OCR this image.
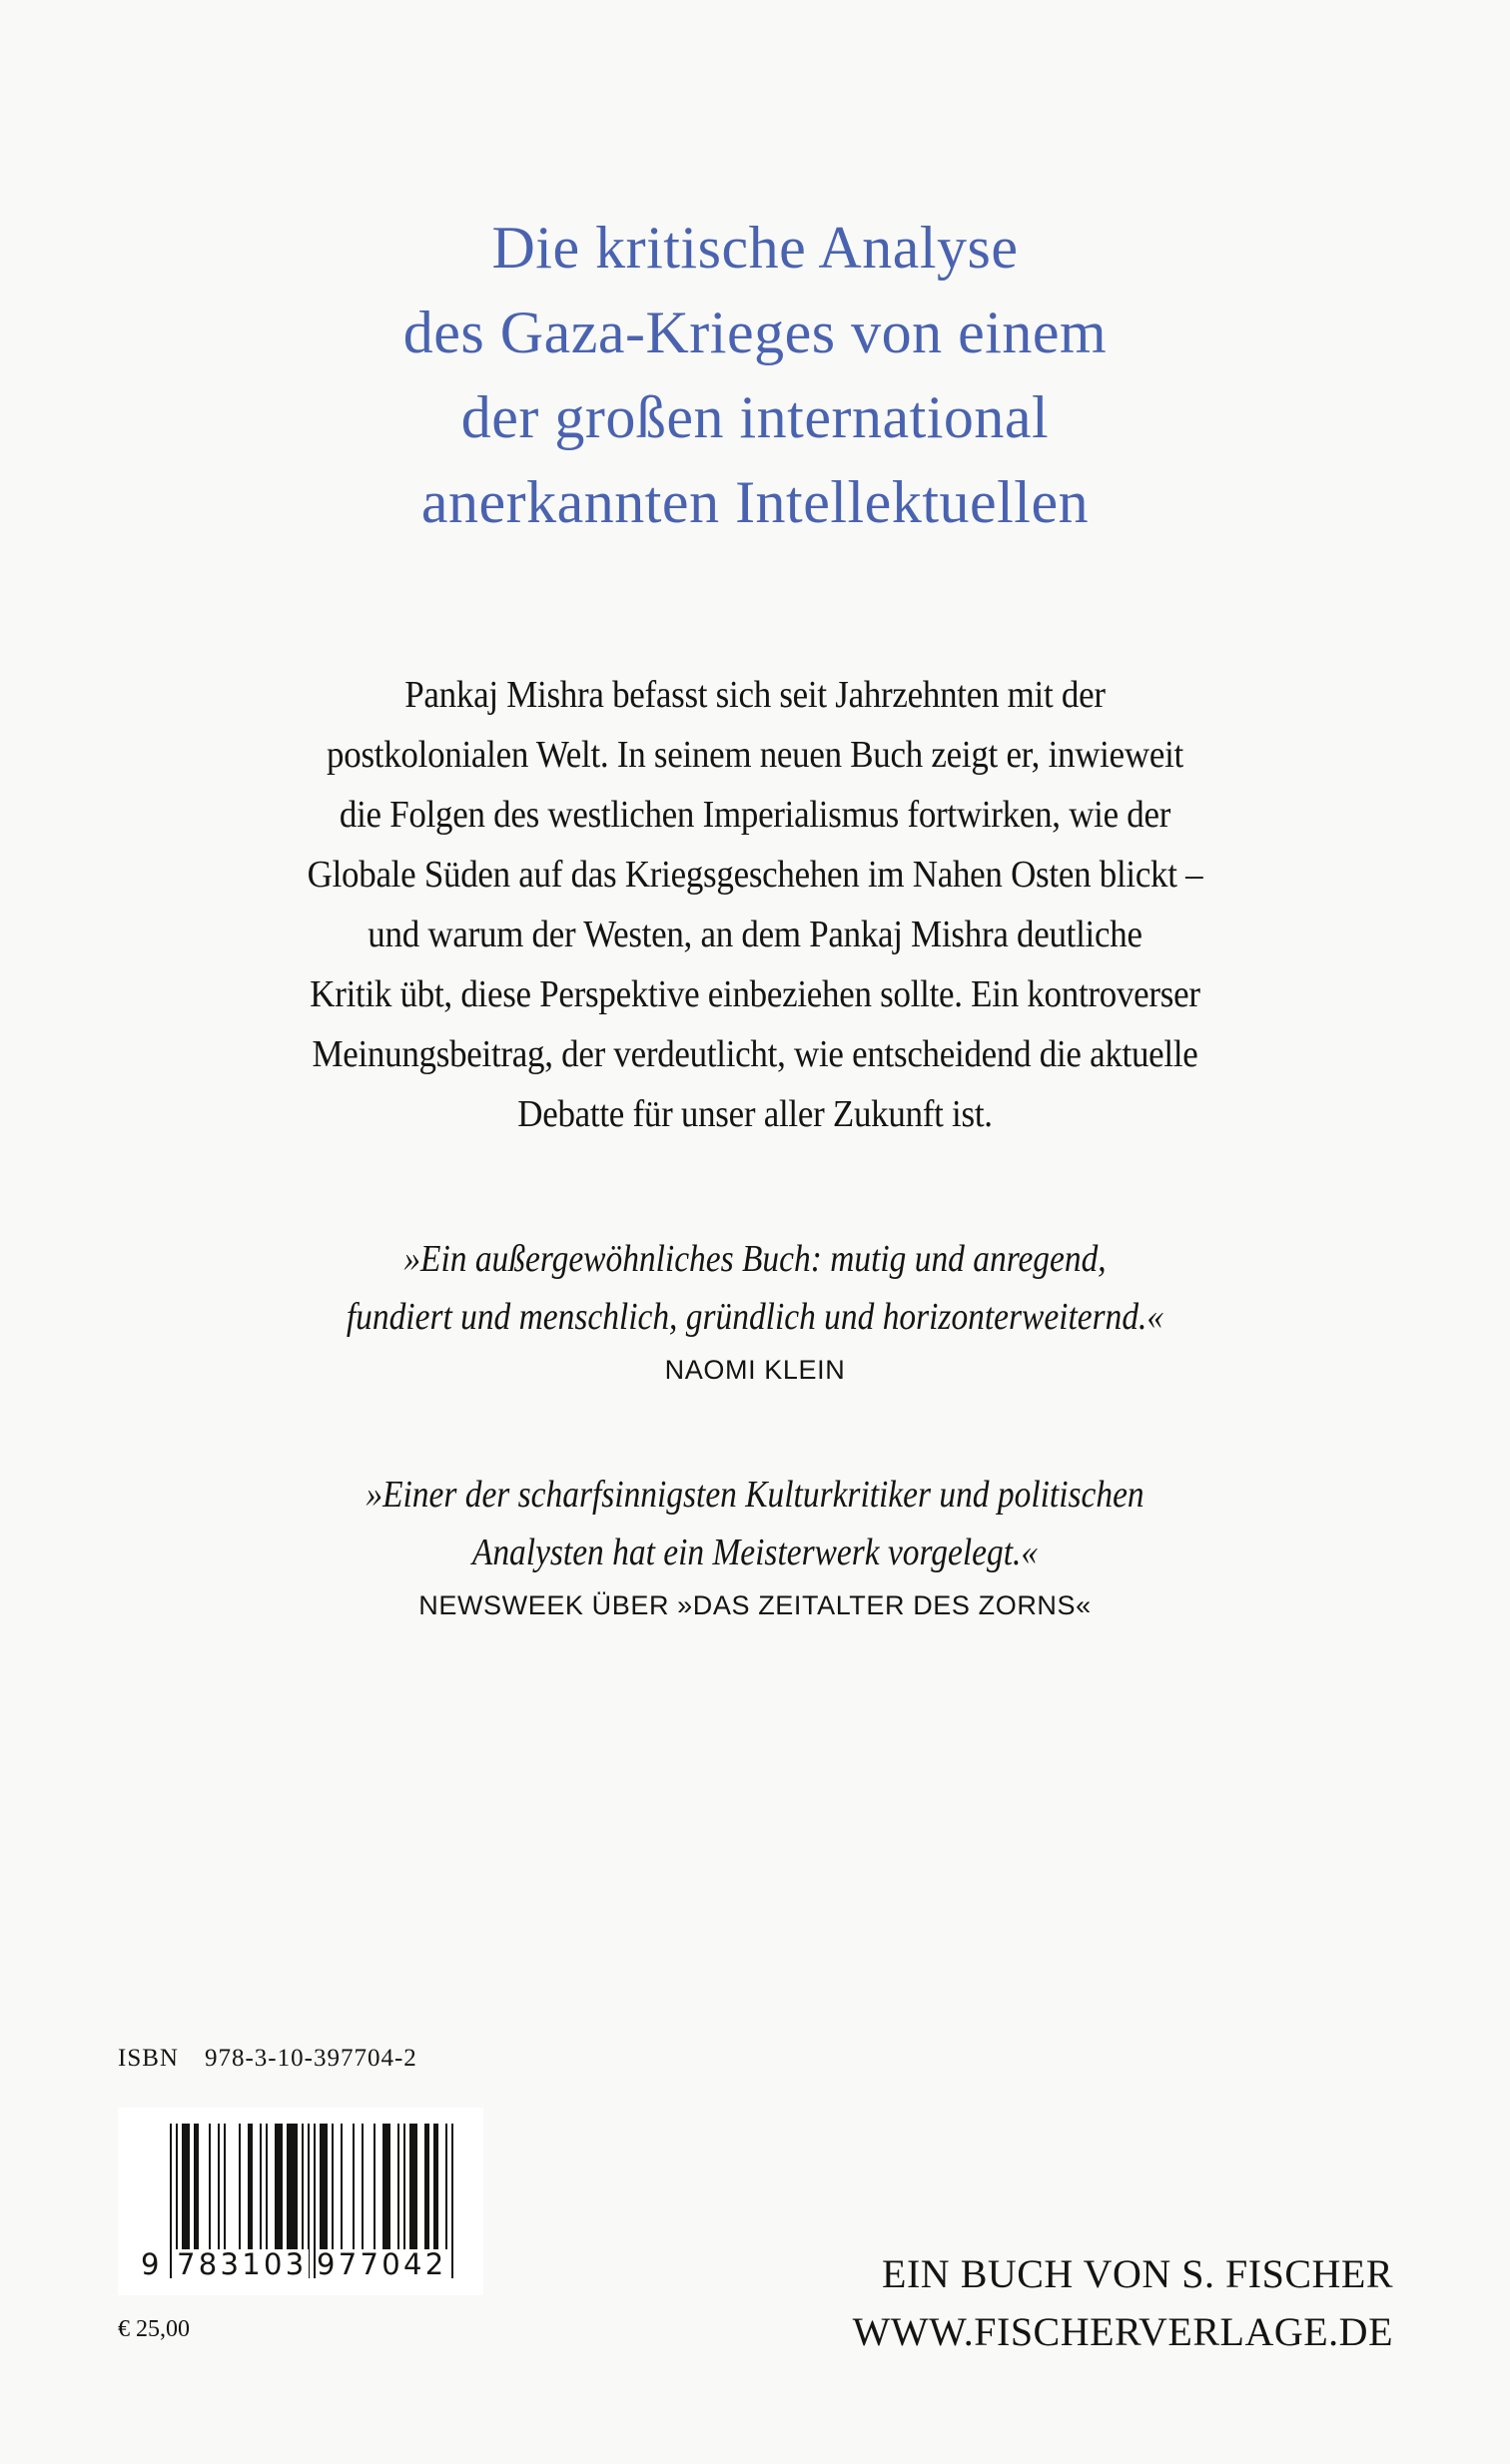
Die kritische Analyse
des Gaza-Krieges von einem
der großen international
anerkannten Intellektuellen
Pankaj Mishra befasst sich seit Jahrzehnten mit der
postkolonialen Welt. In seinem neuen Buch zeigt er, inwieweit
die Folgen des westlichen Imperialismus fortwirken, wie der
Globale Süden auf das Kriegsgeschehen im Nahen Osten blickt –
und warum der Westen, an dem Pankaj Mishra deutliche
Kritik übt, diese Perspektive einbeziehen sollte. Ein kontroverser
Meinungsbeitrag, der verdeutlicht, wie entscheidend die aktuelle
Debatte für unser aller Zukunft ist.
»Ein außergewöhnliches Buch: mutig und anregend,
fundiert und menschlich, gründlich und horizonterweiternd.«
NAOMI KLEIN
»Einer der scharfsinnigsten Kulturkritiker und politischen
Analysten hat ein Meisterwerk vorgelegt.«
NEWSWEEK ÜBER »DAS ZEITALTER DES ZORNS«
ISBN 978-3-10-397704-2
9 783103 977042
€ 25,00
EIN BUCH VON S. FISCHER
WWW.FISCHERVERLAGE.DE
